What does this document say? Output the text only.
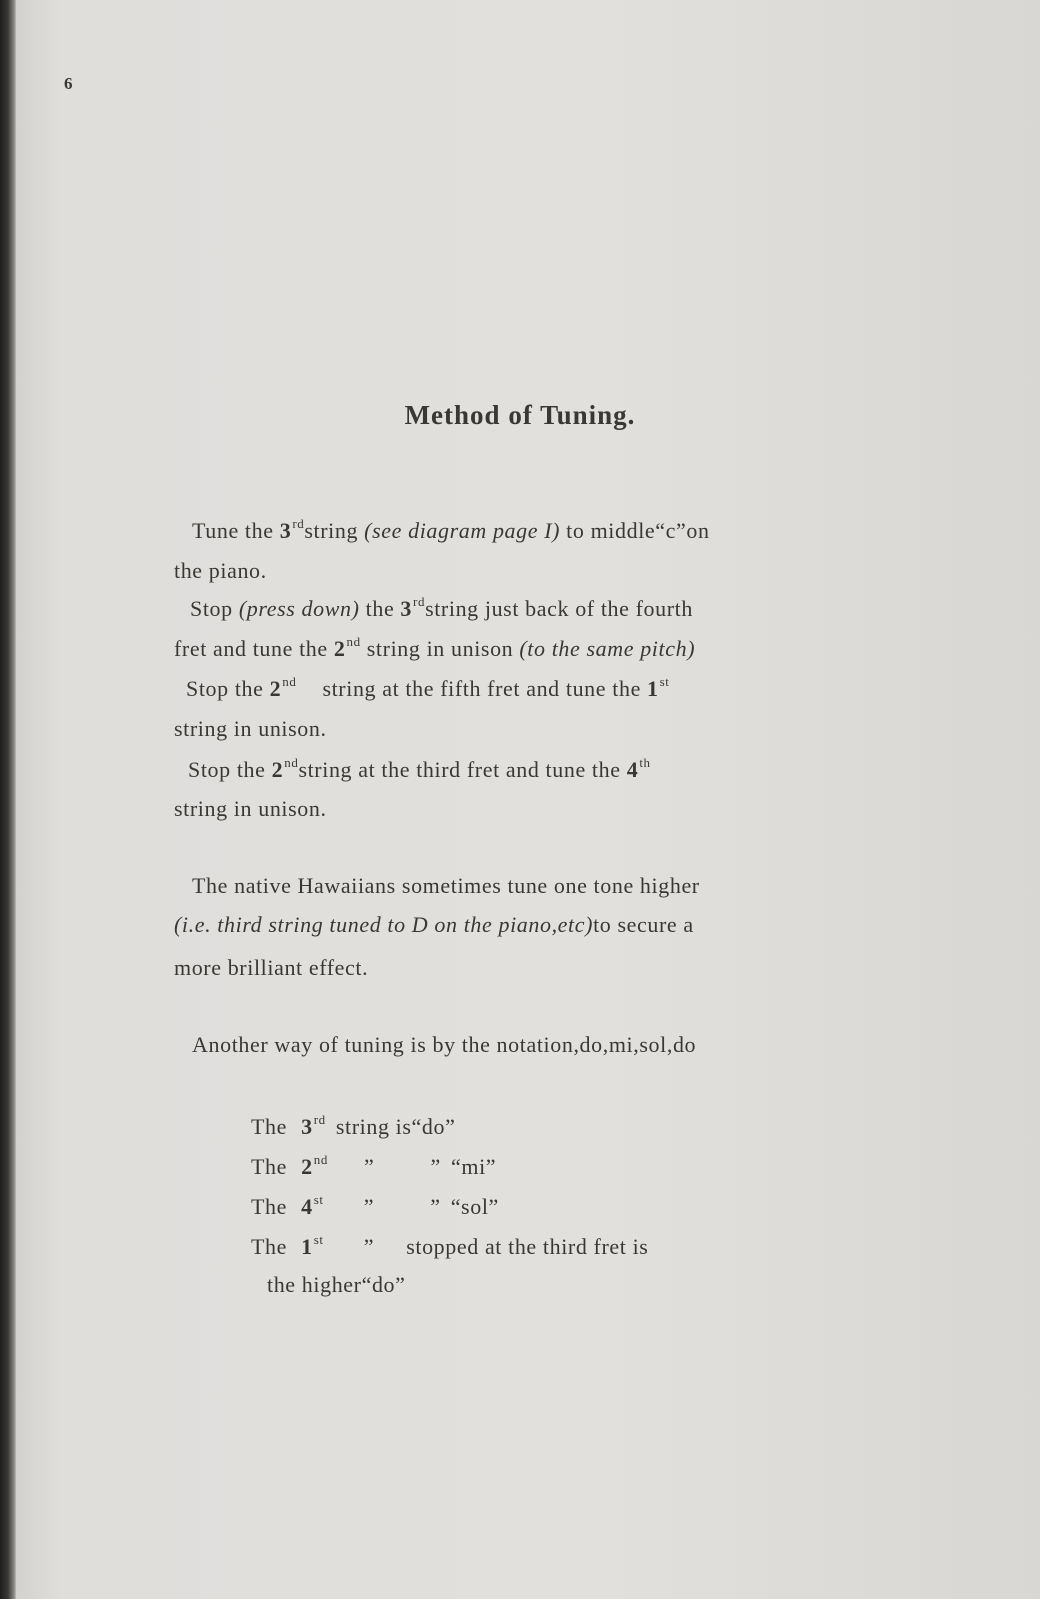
6
Method of Tuning.
Tune the 3rdstring (see diagram page I) to middle“c”on
the piano.
Stop (press down) the 3rdstring just back of the fourth
fret and tune the 2nd string in unison (to the same pitch)
Stop the 2nd string at the fifth fret and tune the 1st
string in unison.
Stop the 2ndstring at the third fret and tune the 4th
string in unison.
The native Hawaiians sometimes tune one tone higher
(i.e. third string tuned to D on the piano,etc)to secure a
more brilliant effect.
Another way of tuning is by the notation,do,mi,sol,do
The 3rd string is“do”
The 2nd ”	” “mi”
The 4st ”	” “sol”
The 1st ” stopped at the third fret is
the higher“do”
